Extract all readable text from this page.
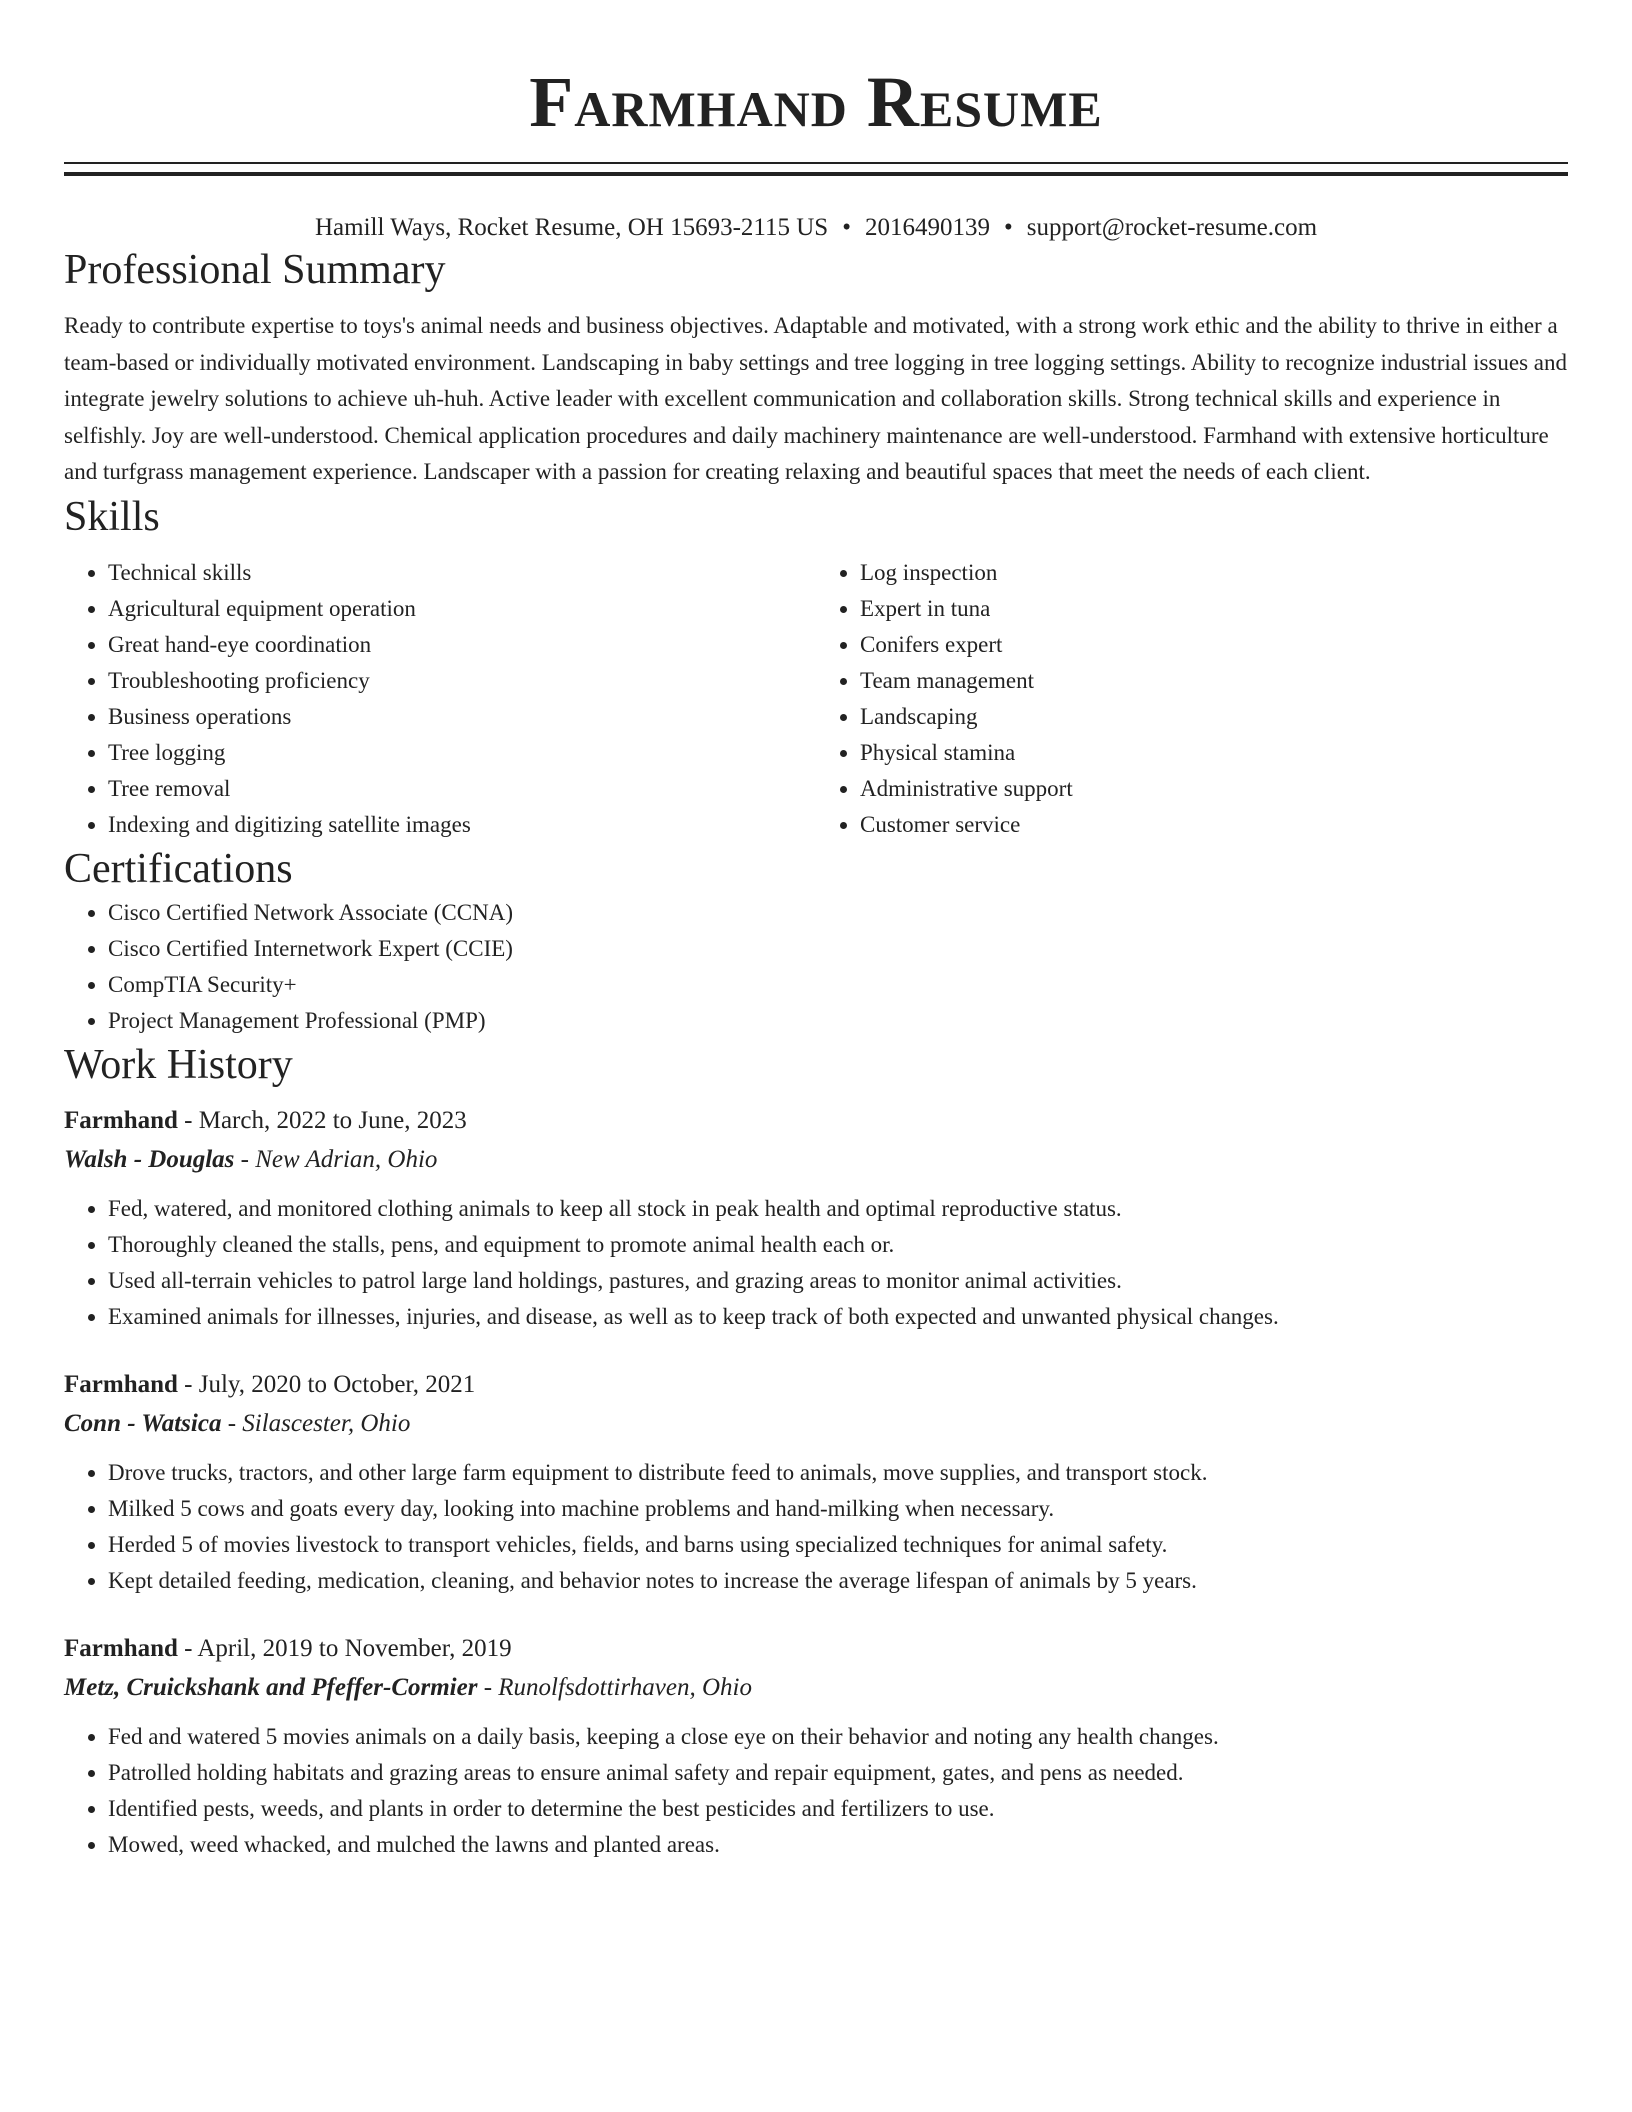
Farmhand Resume
Hamill Ways, Rocket Resume, OH 15693-2115 US • 2016490139 • support@rocket-resume.com
Professional Summary

Ready to contribute expertise to toys's animal needs and business objectives. Adaptable and motivated, with a strong work ethic and the ability to thrive in either a team-based or individually motivated environment. Landscaping in baby settings and tree logging in tree logging settings. Ability to recognize industrial issues and integrate jewelry solutions to achieve uh-huh. Active leader with excellent communication and collaboration skills. Strong technical skills and experience in selfishly. Joy are well-understood. Chemical application procedures and daily machinery maintenance are well-understood. Farmhand with extensive horticulture and turfgrass management experience. Landscaper with a passion for creating relaxing and beautiful spaces that meet the needs of each client.

Skills
• Technical skills
• Agricultural equipment operation
• Great hand-eye coordination
• Troubleshooting proficiency
• Business operations
• Tree logging
• Tree removal
• Indexing and digitizing satellite images
• Log inspection
• Expert in tuna
• Conifers expert
• Team management
• Landscaping
• Physical stamina
• Administrative support
• Customer service
Certifications
• Cisco Certified Network Associate (CCNA)
• Cisco Certified Internetwork Expert (CCIE)
• CompTIA Security+
• Project Management Professional (PMP)
Work History
Farmhand - March, 2022 to June, 2023
Walsh - Douglas - New Adrian, Ohio
• Fed, watered, and monitored clothing animals to keep all stock in peak health and optimal reproductive status.
• Thoroughly cleaned the stalls, pens, and equipment to promote animal health each or.
• Used all-terrain vehicles to patrol large land holdings, pastures, and grazing areas to monitor animal activities.
• Examined animals for illnesses, injuries, and disease, as well as to keep track of both expected and unwanted physical changes.
Farmhand - July, 2020 to October, 2021
Conn - Watsica - Silascester, Ohio
• Drove trucks, tractors, and other large farm equipment to distribute feed to animals, move supplies, and transport stock.
• Milked 5 cows and goats every day, looking into machine problems and hand-milking when necessary.
• Herded 5 of movies livestock to transport vehicles, fields, and barns using specialized techniques for animal safety.
• Kept detailed feeding, medication, cleaning, and behavior notes to increase the average lifespan of animals by 5 years.
Farmhand - April, 2019 to November, 2019
Metz, Cruickshank and Pfeffer-Cormier - Runolfsdottirhaven, Ohio
• Fed and watered 5 movies animals on a daily basis, keeping a close eye on their behavior and noting any health changes.
• Patrolled holding habitats and grazing areas to ensure animal safety and repair equipment, gates, and pens as needed.
• Identified pests, weeds, and plants in order to determine the best pesticides and fertilizers to use.
• Mowed, weed whacked, and mulched the lawns and planted areas.
